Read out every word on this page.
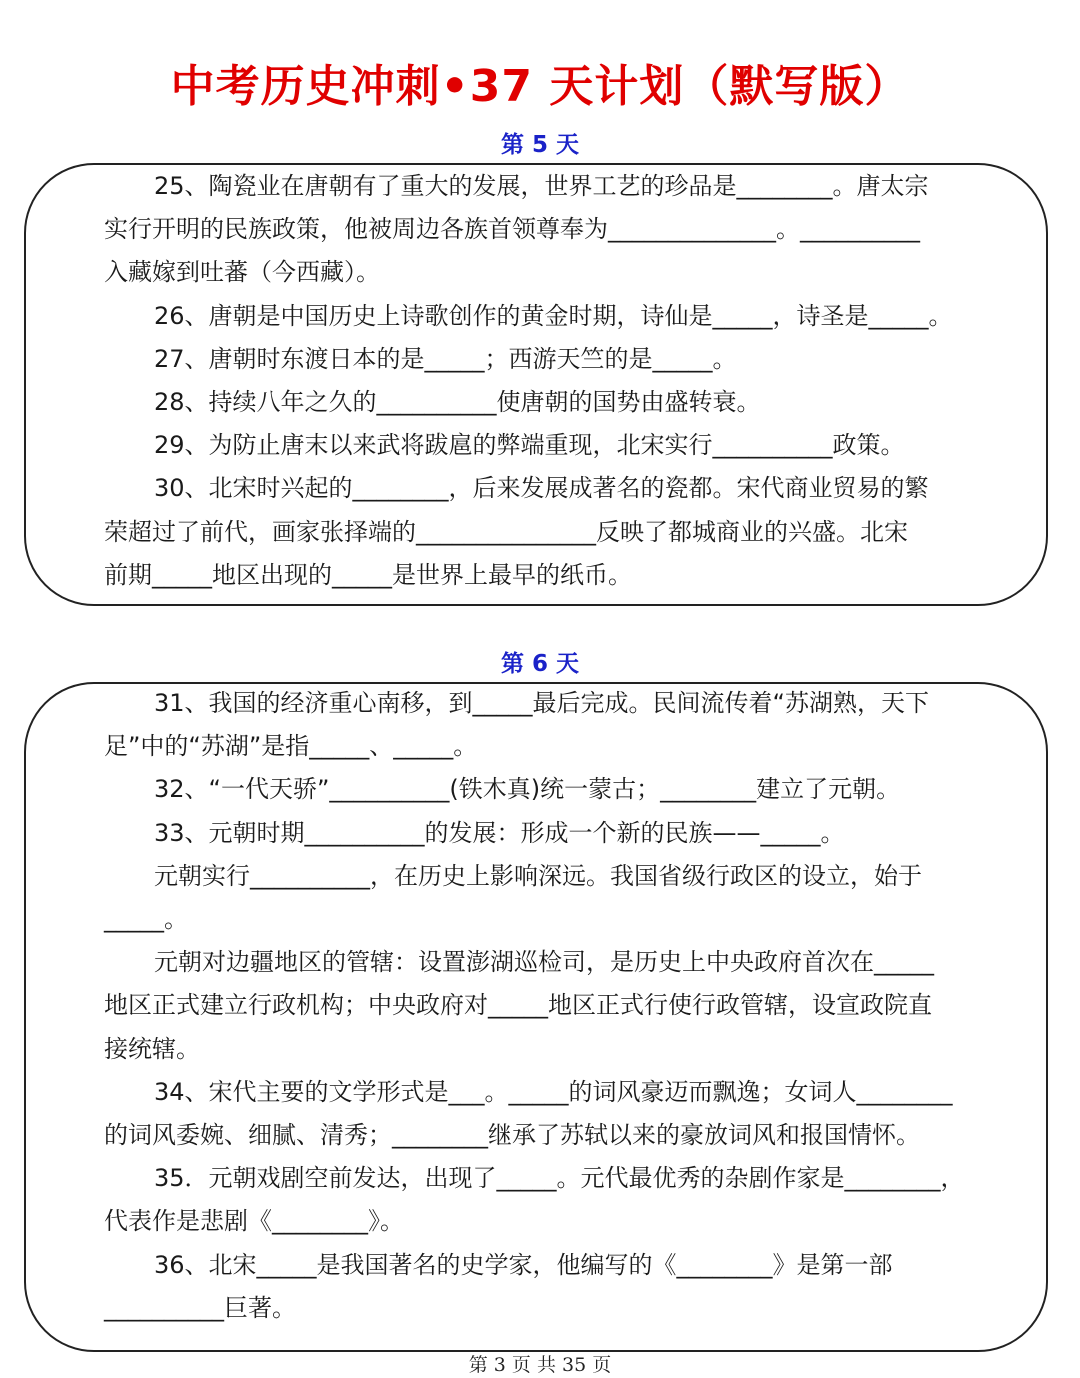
中考历史冲刺•37 天计划（默写版）
第 5 天

25、陶瓷业在唐朝有了重大的发展，世界工艺的珍品是________。唐太宗

实行开明的民族政策，他被周边各族首领尊奉为______________。__________

入藏嫁到吐蕃（今西藏）。

26、唐朝是中国历史上诗歌创作的黄金时期，诗仙是_____，诗圣是_____。

27、唐朝时东渡日本的是_____；西游天竺的是_____。

28、持续八年之久的__________使唐朝的国势由盛转衰。

29、为防止唐末以来武将跋扈的弊端重现，北宋实行__________政策。

30、北宋时兴起的________，后来发展成著名的瓷都。宋代商业贸易的繁

荣超过了前代，画家张择端的_______________反映了都城商业的兴盛。北宋

前期_____地区出现的_____是世界上最早的纸币。

第 6 天

31、我国的经济重心南移，到_____最后完成。民间流传着“苏湖熟，天下

足”中的“苏湖”是指_____、_____。

32、“一代天骄”__________(铁木真)统一蒙古；________建立了元朝。

33、元朝时期__________的发展：形成一个新的民族——_____。

元朝实行__________，在历史上影响深远。我国省级行政区的设立，始于

_____。

元朝对边疆地区的管辖：设置澎湖巡检司，是历史上中央政府首次在_____

地区正式建立行政机构；中央政府对_____地区正式行使行政管辖，设宣政院直

接统辖。

34、宋代主要的文学形式是___。_____的词风豪迈而飘逸；女词人________

的词风委婉、细腻、清秀；________继承了苏轼以来的豪放词风和报国情怀。

35．元朝戏剧空前发达，出现了_____。元代最优秀的杂剧作家是________，

代表作是悲剧《________》。

36、北宋_____是我国著名的史学家，他编写的《________》是第一部

__________巨著。

第 3 页 共 35 页
